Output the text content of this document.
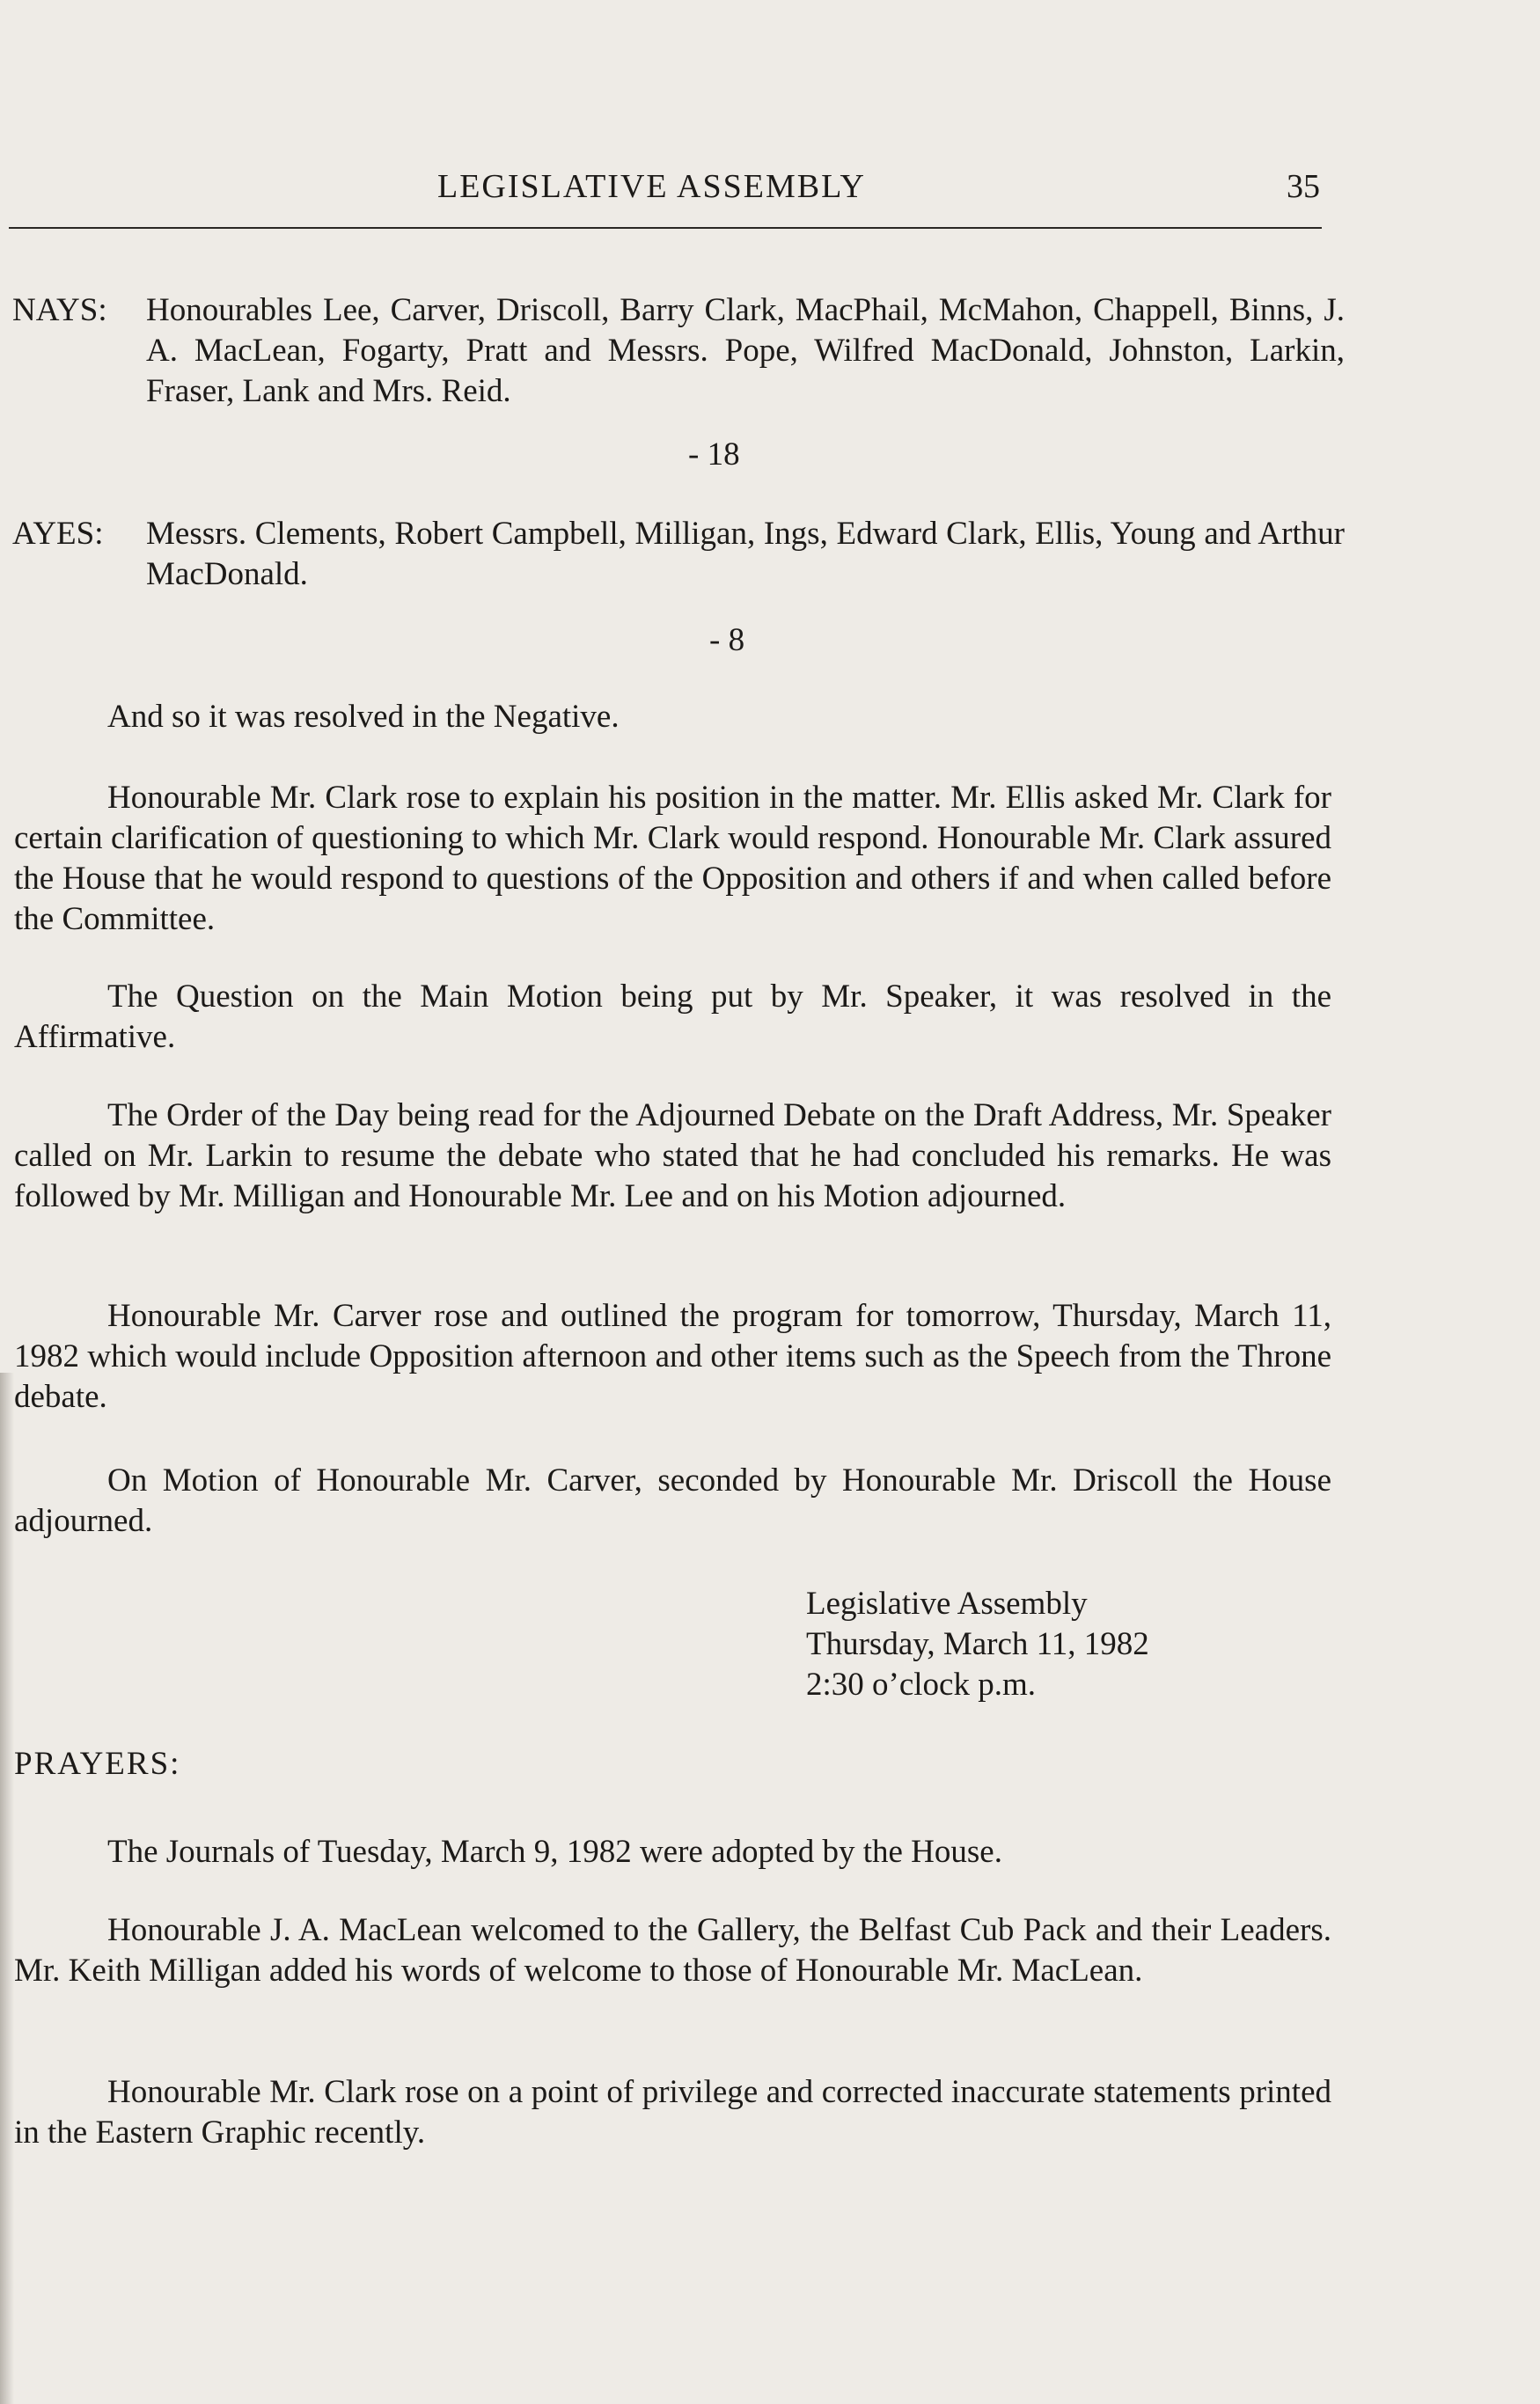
LEGISLATIVE ASSEMBLY	35
NAYS: Honourables Lee, Carver, Driscoll, Barry Clark, MacPhail, McMahon, Chappell, Binns, J. A. MacLean, Fogarty, Pratt and Messrs. Pope, Wilfred MacDonald, Johnston, Larkin, Fraser, Lank and Mrs. Reid.
- 18
AYES: Messrs. Clements, Robert Campbell, Milligan, Ings, Edward Clark, Ellis, Young and Arthur MacDonald.
- 8
And so it was resolved in the Negative.
Honourable Mr. Clark rose to explain his position in the matter. Mr. Ellis asked Mr. Clark for certain clarification of questioning to which Mr. Clark would respond. Honourable Mr. Clark assured the House that he would respond to questions of the Opposition and others if and when called before the Committee.
The Question on the Main Motion being put by Mr. Speaker, it was resolved in the Affirmative.
The Order of the Day being read for the Adjourned Debate on the Draft Address, Mr. Speaker called on Mr. Larkin to resume the debate who stated that he had concluded his remarks. He was followed by Mr. Milligan and Honourable Mr. Lee and on his Motion adjourned.
Honourable Mr. Carver rose and outlined the program for tomorrow, Thursday, March 11, 1982 which would include Opposition afternoon and other items such as the Speech from the Throne debate.
On Motion of Honourable Mr. Carver, seconded by Honourable Mr. Driscoll the House adjourned.
Legislative Assembly
Thursday, March 11, 1982
2:30 o’clock p.m.
PRAYERS:
The Journals of Tuesday, March 9, 1982 were adopted by the House.
Honourable J. A. MacLean welcomed to the Gallery, the Belfast Cub Pack and their Leaders. Mr. Keith Milligan added his words of welcome to those of Honourable Mr. MacLean.
Honourable Mr. Clark rose on a point of privilege and corrected inaccurate statements printed in the Eastern Graphic recently.
